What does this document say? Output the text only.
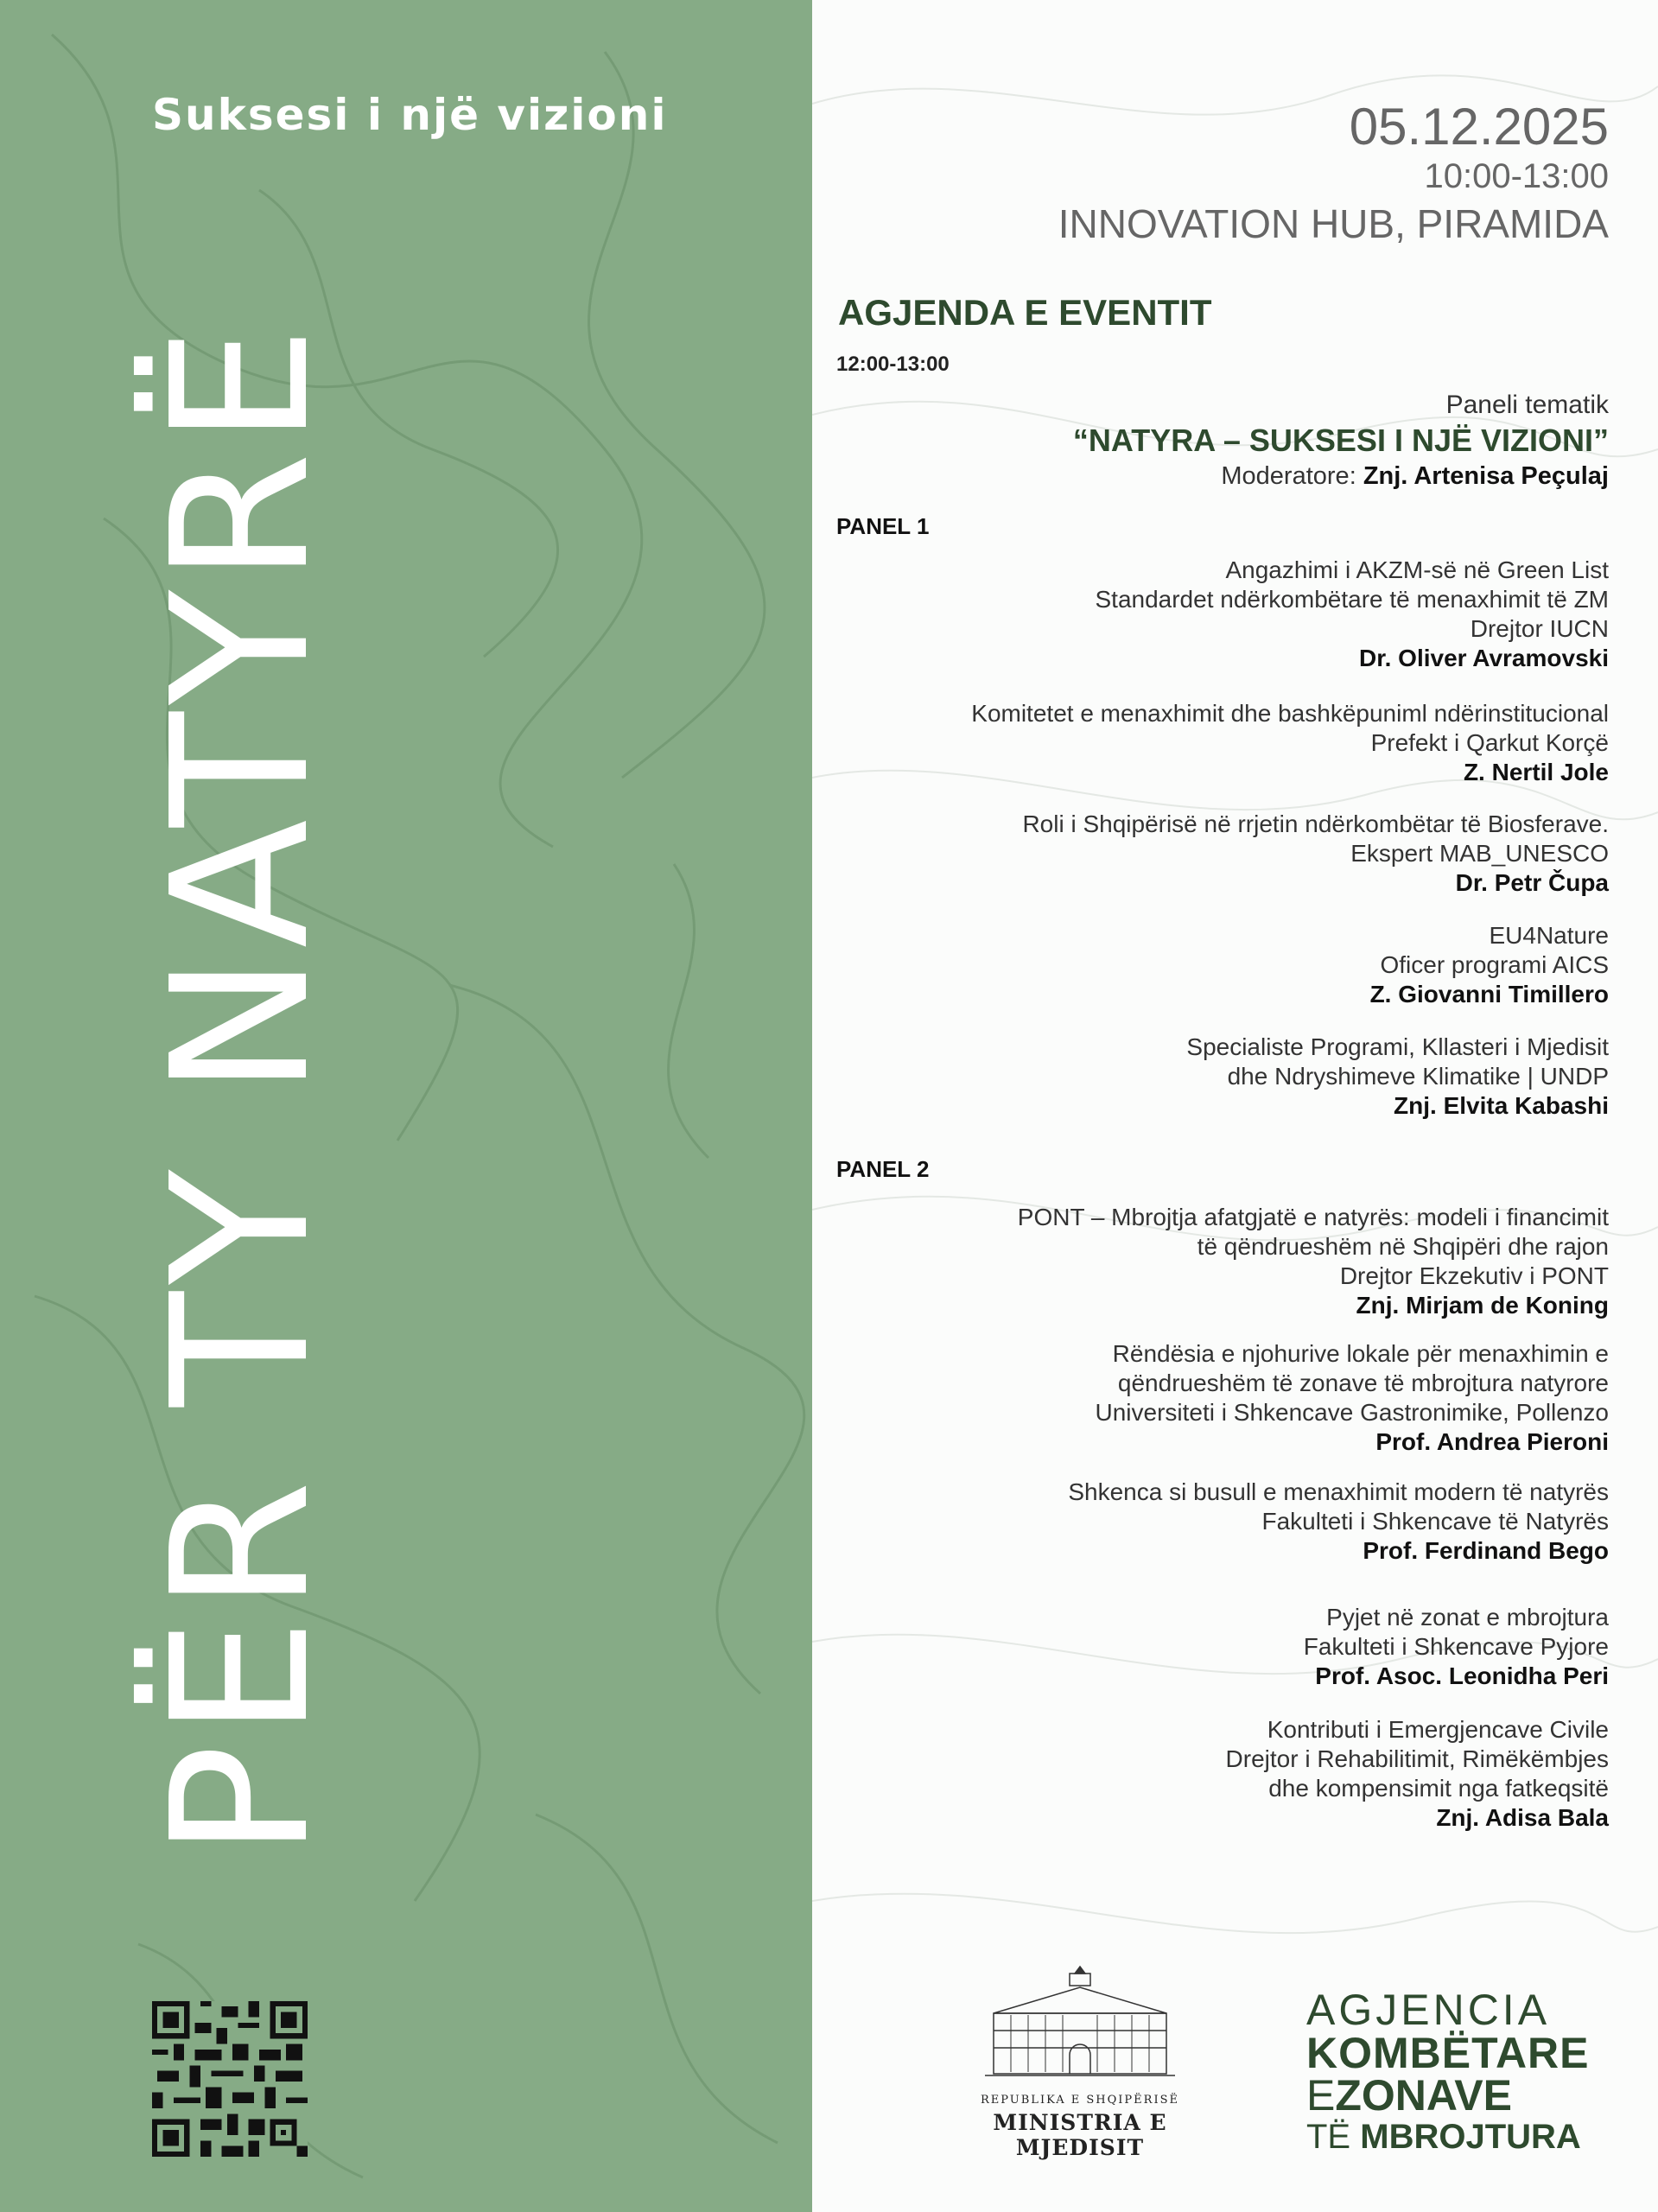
Suksesi i një vizioni
PËR TY NATYRË
05.12.2025
10:00-13:00
INNOVATION HUB, PIRAMIDA
AGJENDA E EVENTIT
12:00-13:00
Paneli tematik
“NATYRA – SUKSESI I NJË VIZIONI”
Moderatore: Znj. Artenisa Peçulaj
PANEL 1
Angazhimi i AKZM-së në Green List
Standardet ndërkombëtare të menaxhimit të ZM
Drejtor IUCN
Dr. Oliver Avramovski
Komitetet e menaxhimit dhe bashkëpuniml ndërinstitucional
Prefekt i Qarkut Korçë
Z. Nertil Jole
Roli i Shqipërisë në rrjetin ndërkombëtar të Biosferave.
Ekspert MAB_UNESCO
Dr. Petr Čupa
EU4Nature
Oficer programi AICS
Z. Giovanni Timillero
Specialiste Programi, Kllasteri i Mjedisit
dhe Ndryshimeve Klimatike | UNDP
Znj. Elvita Kabashi
PANEL 2
PONT – Mbrojtja afatgjatë e natyrës: modeli i financimit
të qëndrueshëm në Shqipëri dhe rajon
Drejtor Ekzekutiv i PONT
Znj. Mirjam de Koning
Rëndësia e njohurive lokale për menaxhimin e
qëndrueshëm të zonave të mbrojtura natyrore
Universiteti i Shkencave Gastronimike, Pollenzo
Prof. Andrea Pieroni
Shkenca si busull e menaxhimit modern të natyrës
Fakulteti i Shkencave të Natyrës
Prof. Ferdinand Bego
Pyjet në zonat e mbrojtura
Fakulteti i Shkencave Pyjore
Prof. Asoc. Leonidha Peri
Kontributi i Emergjencave Civile
Drejtor i Rehabilitimit, Rimëkëmbjes
dhe kompensimit nga fatkeqsitë
Znj. Adisa Bala
REPUBLIKA E SHQIPËRISË
MINISTRIA E MJEDISIT
AGJENCIA
KOMBËTARE
EZONAVE
TË MBROJTURA
